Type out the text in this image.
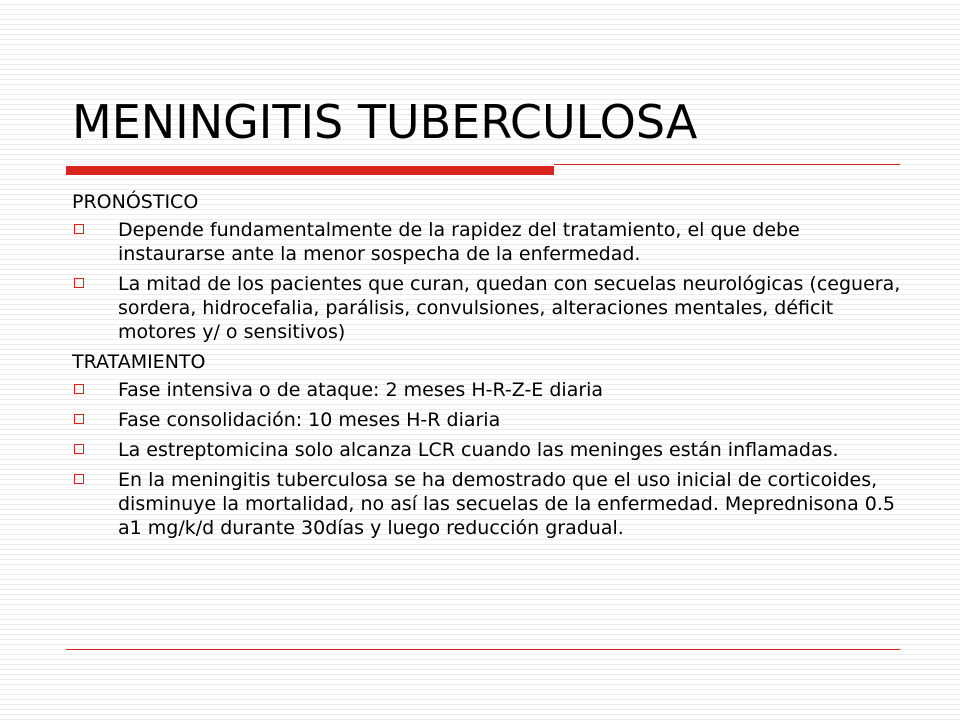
MENINGITIS TUBERCULOSA
PRONÓSTICO
Depende fundamentalmente de la rapidez del tratamiento, el que debe instaurarse ante la menor sospecha de la enfermedad.
La mitad de los pacientes que curan, quedan con secuelas neurológicas (ceguera, sordera, hidrocefalia, parálisis, convulsiones, alteraciones mentales, déficit motores y/ o sensitivos)
TRATAMIENTO
Fase intensiva o de ataque: 2 meses H-R-Z-E diaria
Fase consolidación: 10 meses H-R diaria
La estreptomicina solo alcanza LCR cuando las meninges están inflamadas.
En la meningitis tuberculosa se ha demostrado que el uso inicial de corticoides, disminuye la mortalidad, no así las secuelas de la enfermedad. Meprednisona 0.5 a1 mg/k/d durante 30días y luego reducción gradual.
